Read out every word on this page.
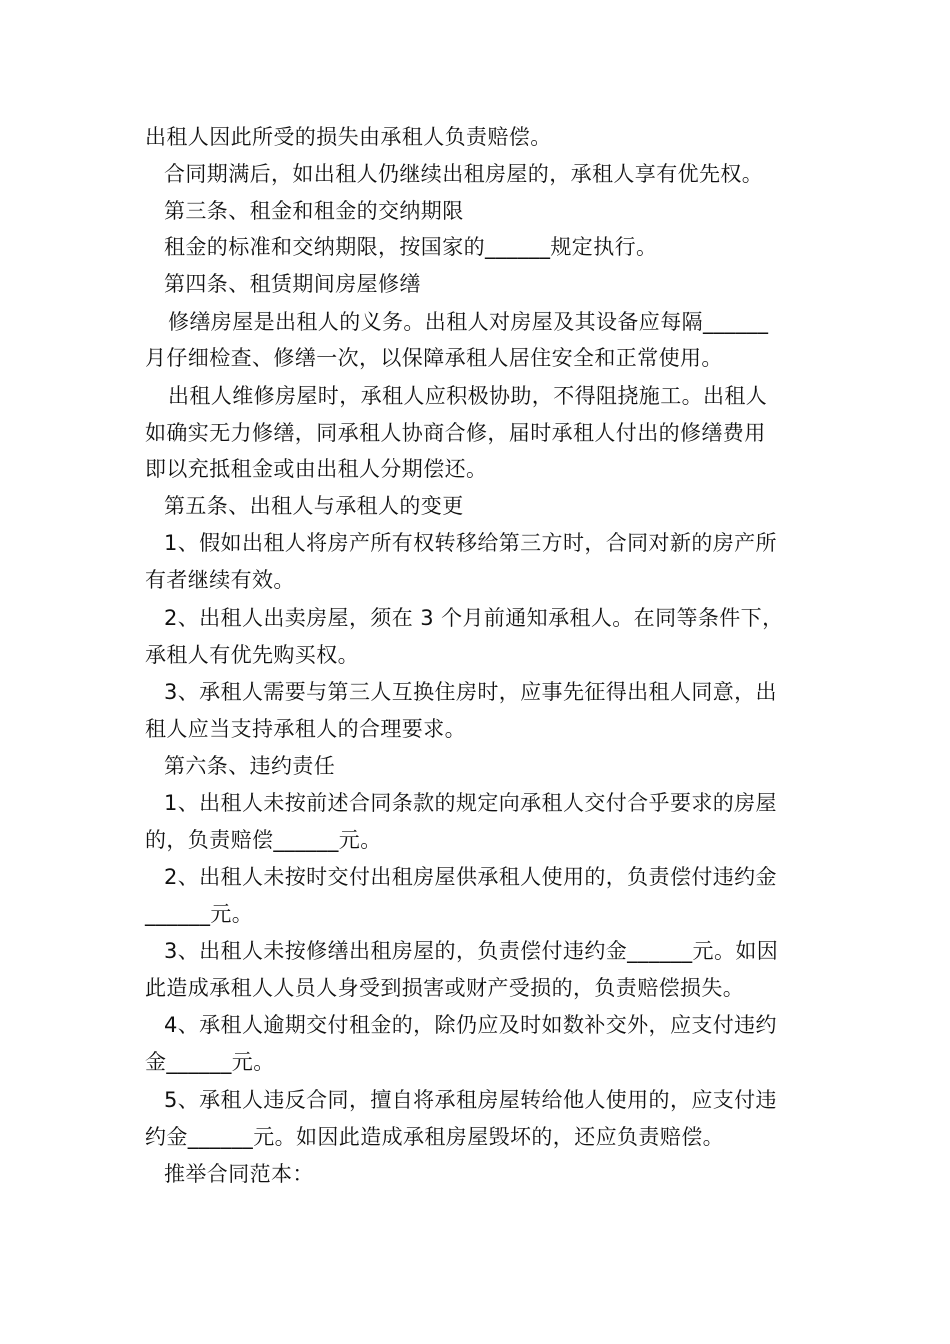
出租人因此所受的损失由承租人负责赔偿。
合同期满后，如出租人仍继续出租房屋的，承租人享有优先权。
第三条、租金和租金的交纳期限
租金的标准和交纳期限，按国家的______规定执行。
第四条、租赁期间房屋修缮
修缮房屋是出租人的义务。出租人对房屋及其设备应每隔______
月仔细检查、修缮一次，以保障承租人居住安全和正常使用。
出租人维修房屋时，承租人应积极协助，不得阻挠施工。出租人
如确实无力修缮，同承租人协商合修，届时承租人付出的修缮费用
即以充抵租金或由出租人分期偿还。
第五条、出租人与承租人的变更
1、假如出租人将房产所有权转移给第三方时，合同对新的房产所
有者继续有效。
2、出租人出卖房屋，须在 3 个月前通知承租人。在同等条件下，
承租人有优先购买权。
3、承租人需要与第三人互换住房时，应事先征得出租人同意，出
租人应当支持承租人的合理要求。
第六条、违约责任
1、出租人未按前述合同条款的规定向承租人交付合乎要求的房屋
的，负责赔偿______元。
2、出租人未按时交付出租房屋供承租人使用的，负责偿付违约金
______元。
3、出租人未按修缮出租房屋的，负责偿付违约金______元。如因
此造成承租人人员人身受到损害或财产受损的，负责赔偿损失。
4、承租人逾期交付租金的，除仍应及时如数补交外，应支付违约
金______元。
5、承租人违反合同，擅自将承租房屋转给他人使用的，应支付违
约金______元。如因此造成承租房屋毁坏的，还应负责赔偿。
推举合同范本：
